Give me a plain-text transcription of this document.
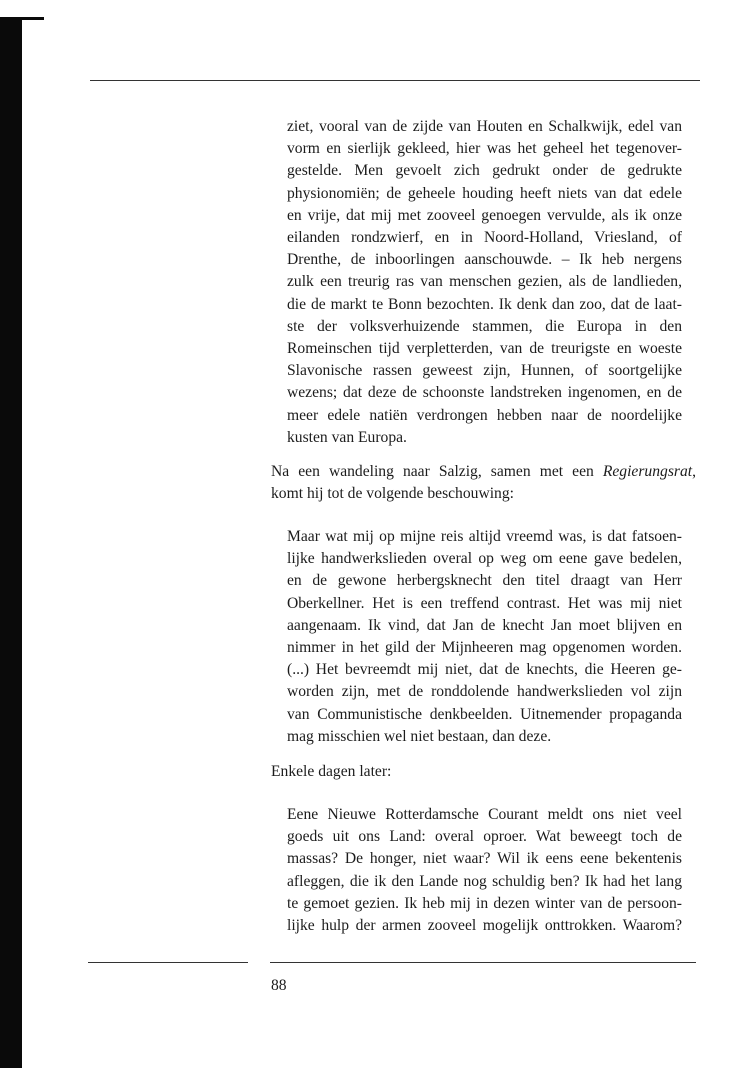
ziet, vooral van de zijde van Houten en Schalkwijk, edel van
vorm en sierlijk gekleed, hier was het geheel het tegenover-
gestelde. Men gevoelt zich gedrukt onder de gedrukte
physionomiën; de geheele houding heeft niets van dat edele
en vrije, dat mij met zooveel genoegen vervulde, als ik onze
eilanden rondzwierf, en in Noord-Holland, Vriesland, of
Drenthe, de inboorlingen aanschouwde. – Ik heb nergens
zulk een treurig ras van menschen gezien, als de landlieden,
die de markt te Bonn bezochten. Ik denk dan zoo, dat de laat-
ste der volksverhuizende stammen, die Europa in den
Romeinschen tijd verpletterden, van de treurigste en woeste
Slavonische rassen geweest zijn, Hunnen, of soortgelijke
wezens; dat deze de schoonste landstreken ingenomen, en de
meer edele natiën verdrongen hebben naar de noordelijke
kusten van Europa.
Na een wandeling naar Salzig, samen met een Regierungsrat,
komt hij tot de volgende beschouwing:
Maar wat mij op mijne reis altijd vreemd was, is dat fatsoen-
lijke handwerkslieden overal op weg om eene gave bedelen,
en de gewone herbergsknecht den titel draagt van Herr
Oberkellner. Het is een treffend contrast. Het was mij niet
aangenaam. Ik vind, dat Jan de knecht Jan moet blijven en
nimmer in het gild der Mijnheeren mag opgenomen worden.
(...) Het bevreemdt mij niet, dat de knechts, die Heeren ge-
worden zijn, met de ronddolende handwerkslieden vol zijn
van Communistische denkbeelden. Uitnemender propaganda
mag misschien wel niet bestaan, dan deze.
Enkele dagen later:
Eene Nieuwe Rotterdamsche Courant meldt ons niet veel
goeds uit ons Land: overal oproer. Wat beweegt toch de
massas? De honger, niet waar? Wil ik eens eene bekentenis
afleggen, die ik den Lande nog schuldig ben? Ik had het lang
te gemoet gezien. Ik heb mij in dezen winter van de persoon-
lijke hulp der armen zooveel mogelijk onttrokken. Waarom?
88
